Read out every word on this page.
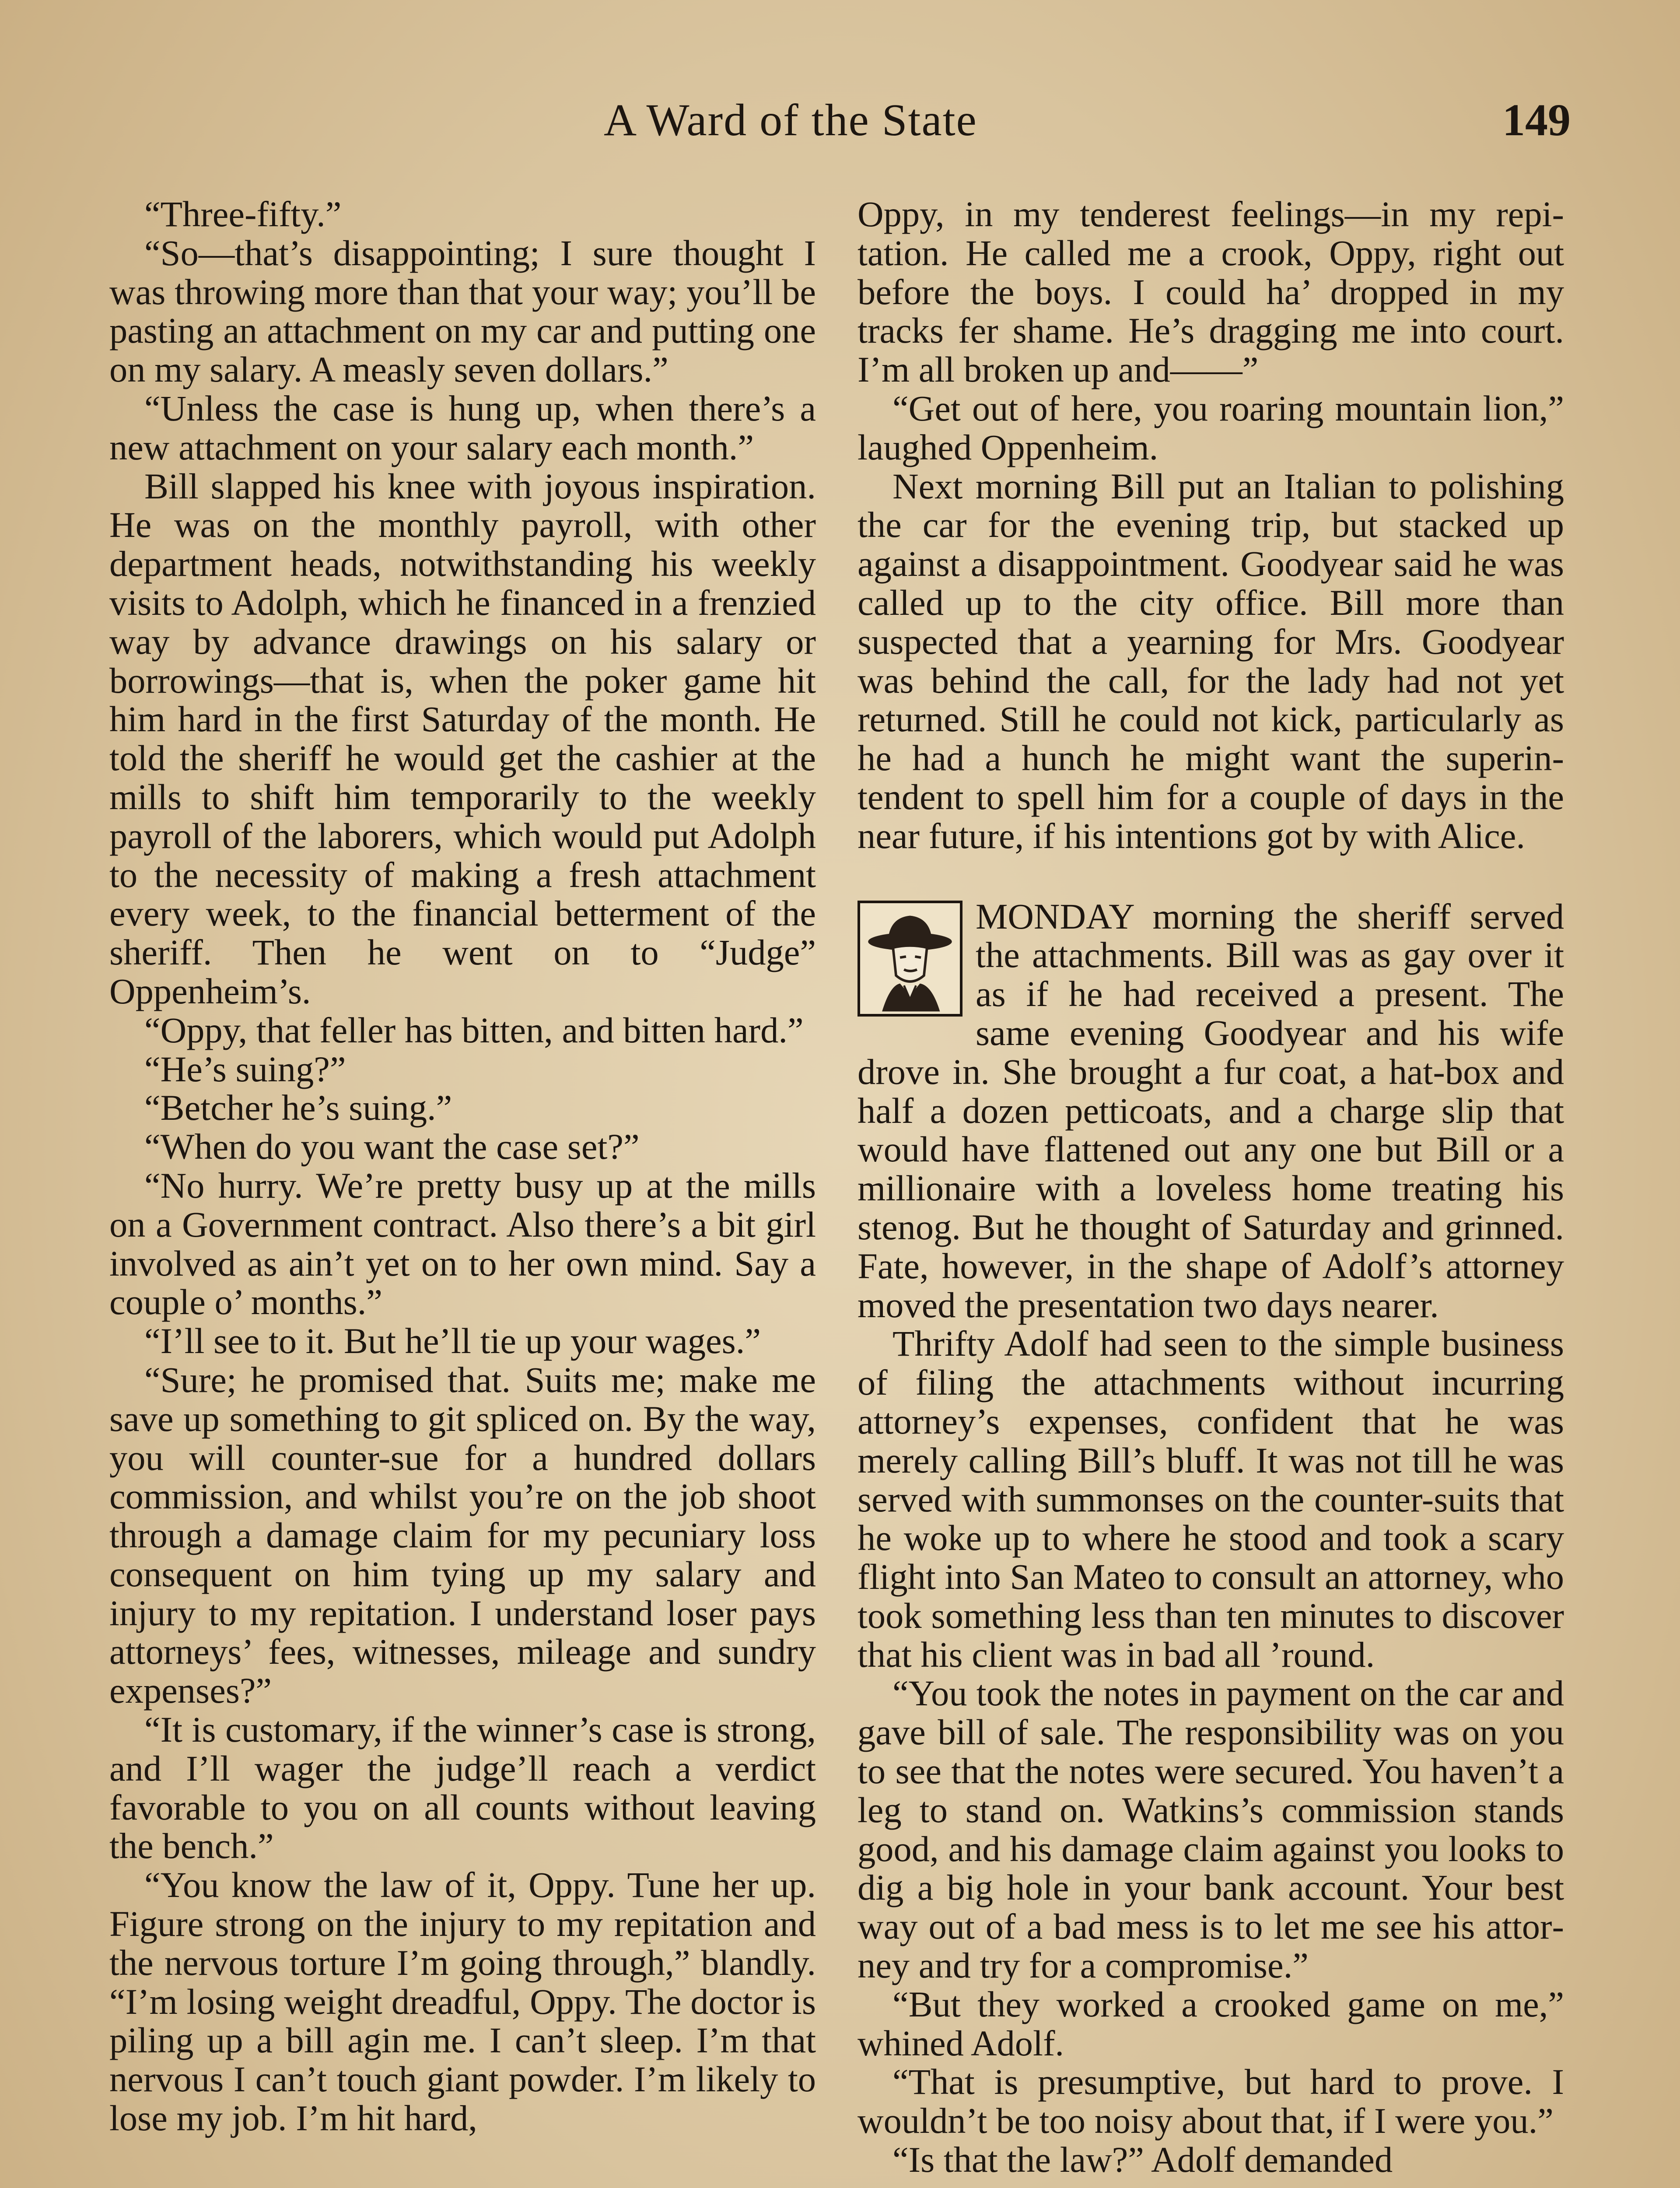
A Ward of the State	149

“Three-fifty.”

“So—that’s disappointing; I sure thought I was throwing more than that your way; you’ll be pasting an attachment on my car and putting one on my salary. A measly seven dollars.”

“Unless the case is hung up, when there’s a new attachment on your salary each month.”

Bill slapped his knee with joyous inspiration. He was on the monthly payroll, with other department heads, notwithstanding his weekly visits to Adolph, which he financed in a frenzied way by advance drawings on his salary or borrowings—that is, when the poker game hit him hard in the first Saturday of the month. He told the sheriff he would get the cashier at the mills to shift him temporarily to the weekly payroll of the laborers, which would put Adolph to the necessity of making a fresh attachment every week, to the financial betterment of the sheriff. Then he went on to “Judge” Oppenheim’s.

“Oppy, that feller has bitten, and bitten hard.”

“He’s suing?”

“Betcher he’s suing.”

“When do you want the case set?”

“No hurry. We’re pretty busy up at the mills on a Government contract. Also there’s a bit girl involved as ain’t yet on to her own mind. Say a couple o’ months.”

“I’ll see to it. But he’ll tie up your wages.”

“Sure; he promised that. Suits me; make me save up something to git spliced on. By the way, you will counter-sue for a hundred dollars commission, and whilst you’re on the job shoot through a damage claim for my pecuniary loss consequent on him tying up my salary and injury to my repitation. I understand loser pays attorneys’ fees, witnesses, mileage and sundry expenses?”

“It is customary, if the winner’s case is strong, and I’ll wager the judge’ll reach a verdict favorable to you on all counts without leaving the bench.”

“You know the law of it, Oppy. Tune her up. Figure strong on the injury to my repitation and the nervous torture I’m going through,” blandly. “I’m losing weight dreadful, Oppy. The doctor is piling up a bill agin me. I can’t sleep. I’m that nervous I can’t touch giant powder. I’m likely to lose my job. I’m hit hard,

Oppy, in my tenderest feelings—in my repitation. He called me a crook, Oppy, right out before the boys. I could ha’ dropped in my tracks fer shame. He’s dragging me into court. I’m all broken up and——”

“Get out of here, you roaring mountain lion,” laughed Oppenheim.

Next morning Bill put an Italian to polishing the car for the evening trip, but stacked up against a disappointment. Goodyear said he was called up to the city office. Bill more than suspected that a yearning for Mrs. Goodyear was behind the call, for the lady had not yet returned. Still he could not kick, particularly as he had a hunch he might want the superintendent to spell him for a couple of days in the near future, if his intentions got by with Alice.

MONDAY morning the sheriff served the attachments. Bill was as gay over it as if he had received a present. The same evening Goodyear and his wife drove in. She brought a fur coat, a hat-box and half a dozen petticoats, and a charge slip that would have flattened out any one but Bill or a millionaire with a loveless home treating his stenog. But he thought of Saturday and grinned. Fate, however, in the shape of Adolf’s attorney moved the presentation two days nearer.

Thrifty Adolf had seen to the simple business of filing the attachments without incurring attorney’s expenses, confident that he was merely calling Bill’s bluff. It was not till he was served with summonses on the counter-suits that he woke up to where he stood and took a scary flight into San Mateo to consult an attorney, who took something less than ten minutes to discover that his client was in bad all ’round.

“You took the notes in payment on the car and gave bill of sale. The responsibility was on you to see that the notes were secured. You haven’t a leg to stand on. Watkins’s commission stands good, and his damage claim against you looks to dig a big hole in your bank account. Your best way out of a bad mess is to let me see his attorney and try for a compromise.”

“But they worked a crooked game on me,” whined Adolf.

“That is presumptive, but hard to prove. I wouldn’t be too noisy about that, if I were you.”

“Is that the law?” Adolf demanded
